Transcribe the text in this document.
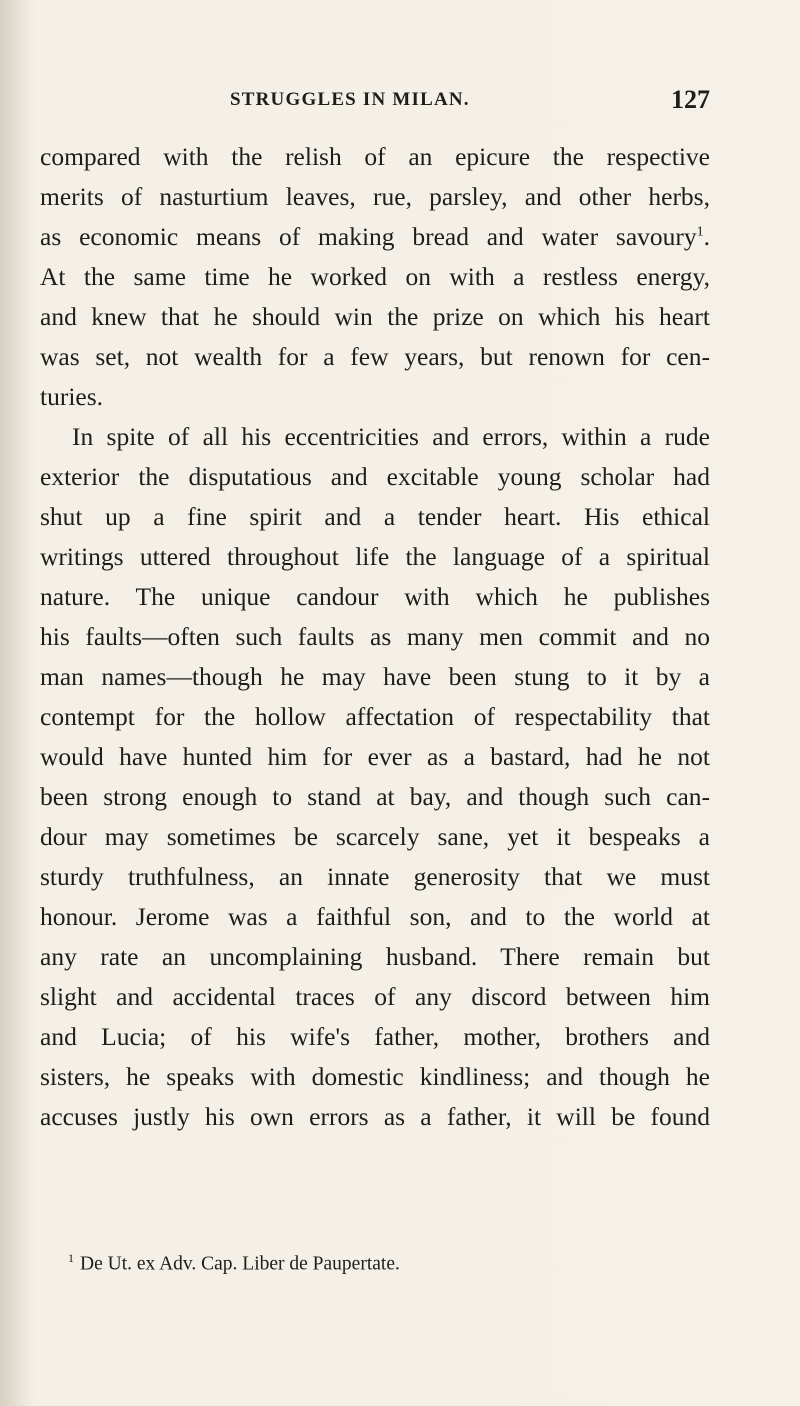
STRUGGLES IN MILAN.	127
compared with the relish of an epicure the respective
merits of nasturtium leaves, rue, parsley, and other herbs,
as economic means of making bread and water savoury$^1$.
At the same time he worked on with a restless energy,
and knew that he should win the prize on which his heart
was set, not wealth for a few years, but renown for cen-
turies.
In spite of all his eccentricities and errors, within a rude
exterior the disputatious and excitable young scholar had
shut up a fine spirit and a tender heart. His ethical
writings uttered throughout life the language of a spiritual
nature. The unique candour with which he publishes
his faults—often such faults as many men commit and no
man names—though he may have been stung to it by a
contempt for the hollow affectation of respectability that
would have hunted him for ever as a bastard, had he not
been strong enough to stand at bay, and though such can-
dour may sometimes be scarcely sane, yet it bespeaks a
sturdy truthfulness, an innate generosity that we must
honour. Jerome was a faithful son, and to the world at
any rate an uncomplaining husband. There remain but
slight and accidental traces of any discord between him
and Lucia; of his wife's father, mother, brothers and
sisters, he speaks with domestic kindliness; and though he
accuses justly his own errors as a father, it will be found
$^1$ De Ut. ex Adv. Cap. Liber de Paupertate.
